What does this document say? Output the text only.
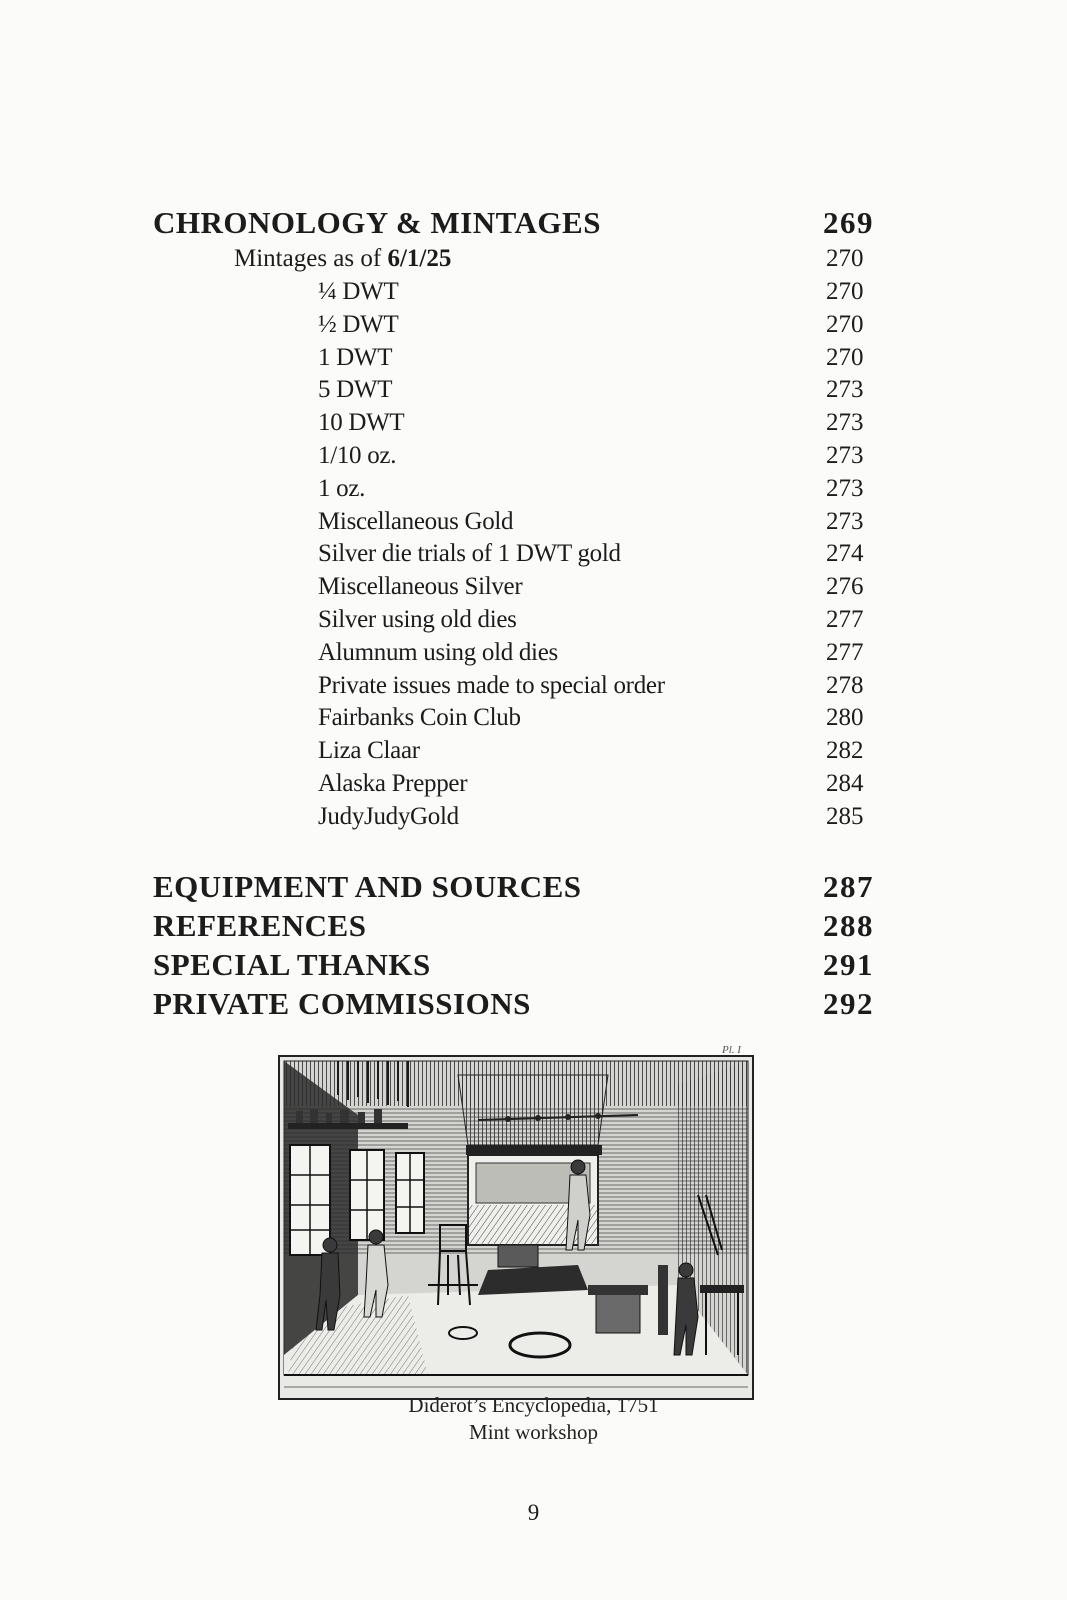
CHRONOLOGY & MINTAGES	269
Mintages as of 6/1/25	270
¼ DWT	270
½ DWT	270
1 DWT	270
5 DWT	273
10 DWT	273
1/10 oz.	273
1 oz.	273
Miscellaneous Gold	273
Silver die trials of 1 DWT gold	274
Miscellaneous Silver	276
Silver using old dies	277
Alumnum using old dies	277
Private issues made to special order	278
Fairbanks Coin Club	280
Liza Claar	282
Alaska Prepper	284
JudyJudyGold	285
EQUIPMENT AND SOURCES	287
REFERENCES	288
SPECIAL THANKS	291
PRIVATE COMMISSIONS	292
Pl. I
Diderot’s Encyclopedia, 1751
Mint workshop
9
